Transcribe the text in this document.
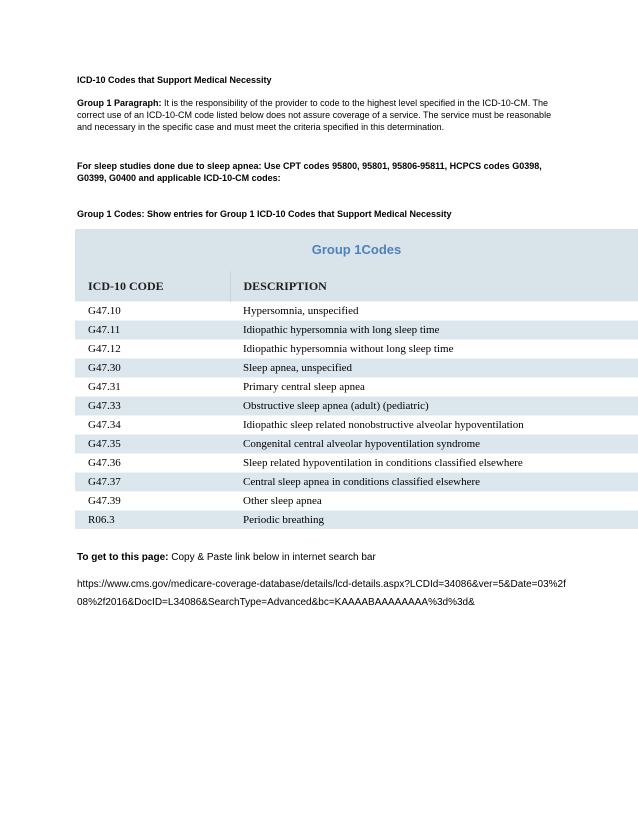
ICD-10 Codes that Support Medical Necessity
Group 1 Paragraph: It is the responsibility of the provider to code to the highest level specified in the ICD-10-CM. The correct use of an ICD-10-CM code listed below does not assure coverage of a service. The service must be reasonable and necessary in the specific case and must meet the criteria specified in this determination.
For sleep studies done due to sleep apnea: Use CPT codes 95800, 95801, 95806-95811, HCPCS codes G0398, G0399, G0400 and applicable ICD-10-CM codes:
Group 1 Codes: Show entries for Group 1 ICD-10 Codes that Support Medical Necessity
Group 1Codes	
ICD-10 CODE	DESCRIPTION
G47.10	Hypersomnia, unspecified
G47.11	Idiopathic hypersomnia with long sleep time
G47.12	Idiopathic hypersomnia without long sleep time
G47.30	Sleep apnea, unspecified
G47.31	Primary central sleep apnea
G47.33	Obstructive sleep apnea (adult) (pediatric)
G47.34	Idiopathic sleep related nonobstructive alveolar hypoventilation
G47.35	Congenital central alveolar hypoventilation syndrome
G47.36	Sleep related hypoventilation in conditions classified elsewhere
G47.37	Central sleep apnea in conditions classified elsewhere
G47.39	Other sleep apnea
R06.3	Periodic breathing
To get to this page: Copy & Paste link below in internet search bar
https://www.cms.gov/medicare-coverage-database/details/lcd-details.aspx?LCDId=34086&ver=5&Date=03%2f08%2f2016&DocID=L34086&SearchType=Advanced&bc=KAAAABAAAAAAAA%3d%3d&
